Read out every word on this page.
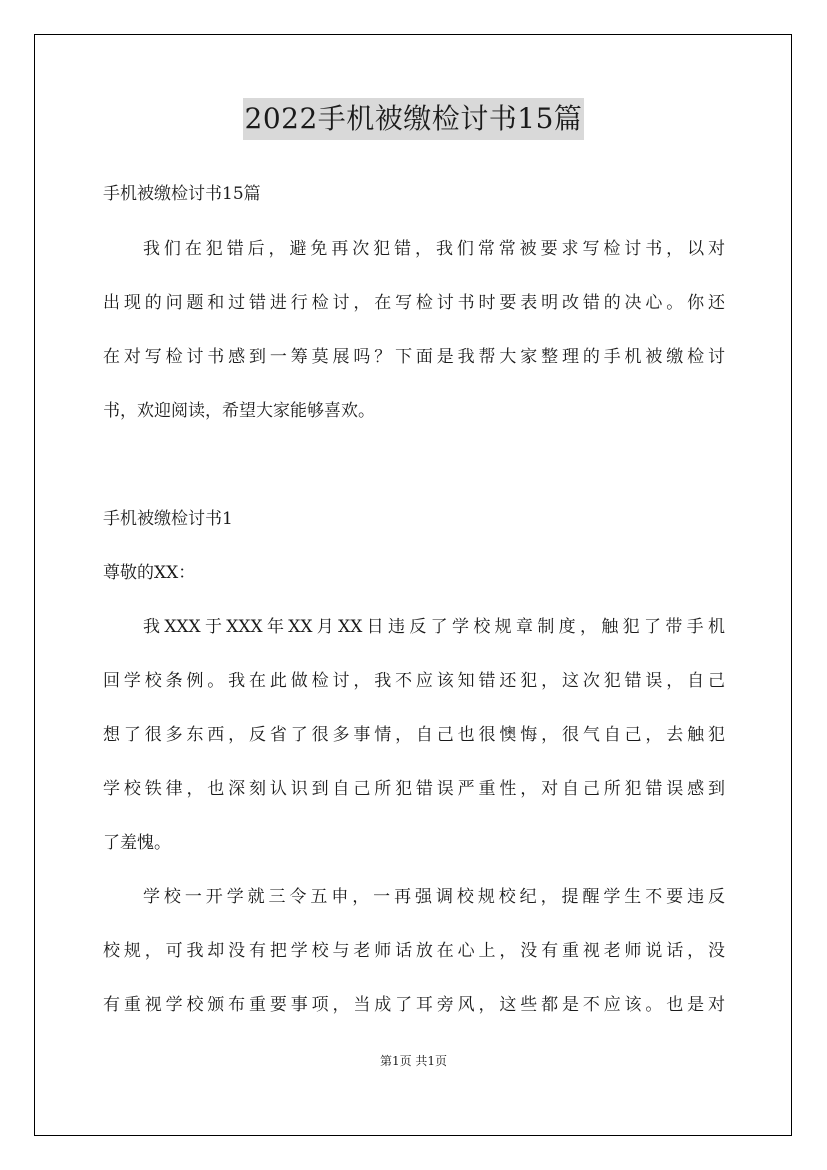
2022手机被缴检讨书15篇
手机被缴检讨书15篇
我们在犯错后，避免再次犯错，我们常常被要求写检讨书，以对
出现的问题和过错进行检讨，在写检讨书时要表明改错的决心。你还
在对写检讨书感到一筹莫展吗？下面是我帮大家整理的手机被缴检讨
书，欢迎阅读，希望大家能够喜欢。
手机被缴检讨书1
尊敬的XX：
我XXX于XXX年XX月XX日违反了学校规章制度，触犯了带手机
回学校条例。我在此做检讨，我不应该知错还犯，这次犯错误，自己
想了很多东西，反省了很多事情，自己也很懊悔，很气自己，去触犯
学校铁律，也深刻认识到自己所犯错误严重性，对自己所犯错误感到
了羞愧。
学校一开学就三令五申，一再强调校规校纪，提醒学生不要违反
校规，可我却没有把学校与老师话放在心上，没有重视老师说话，没
有重视学校颁布重要事项，当成了耳旁风，这些都是不应该。也是对
第1页 共1页
